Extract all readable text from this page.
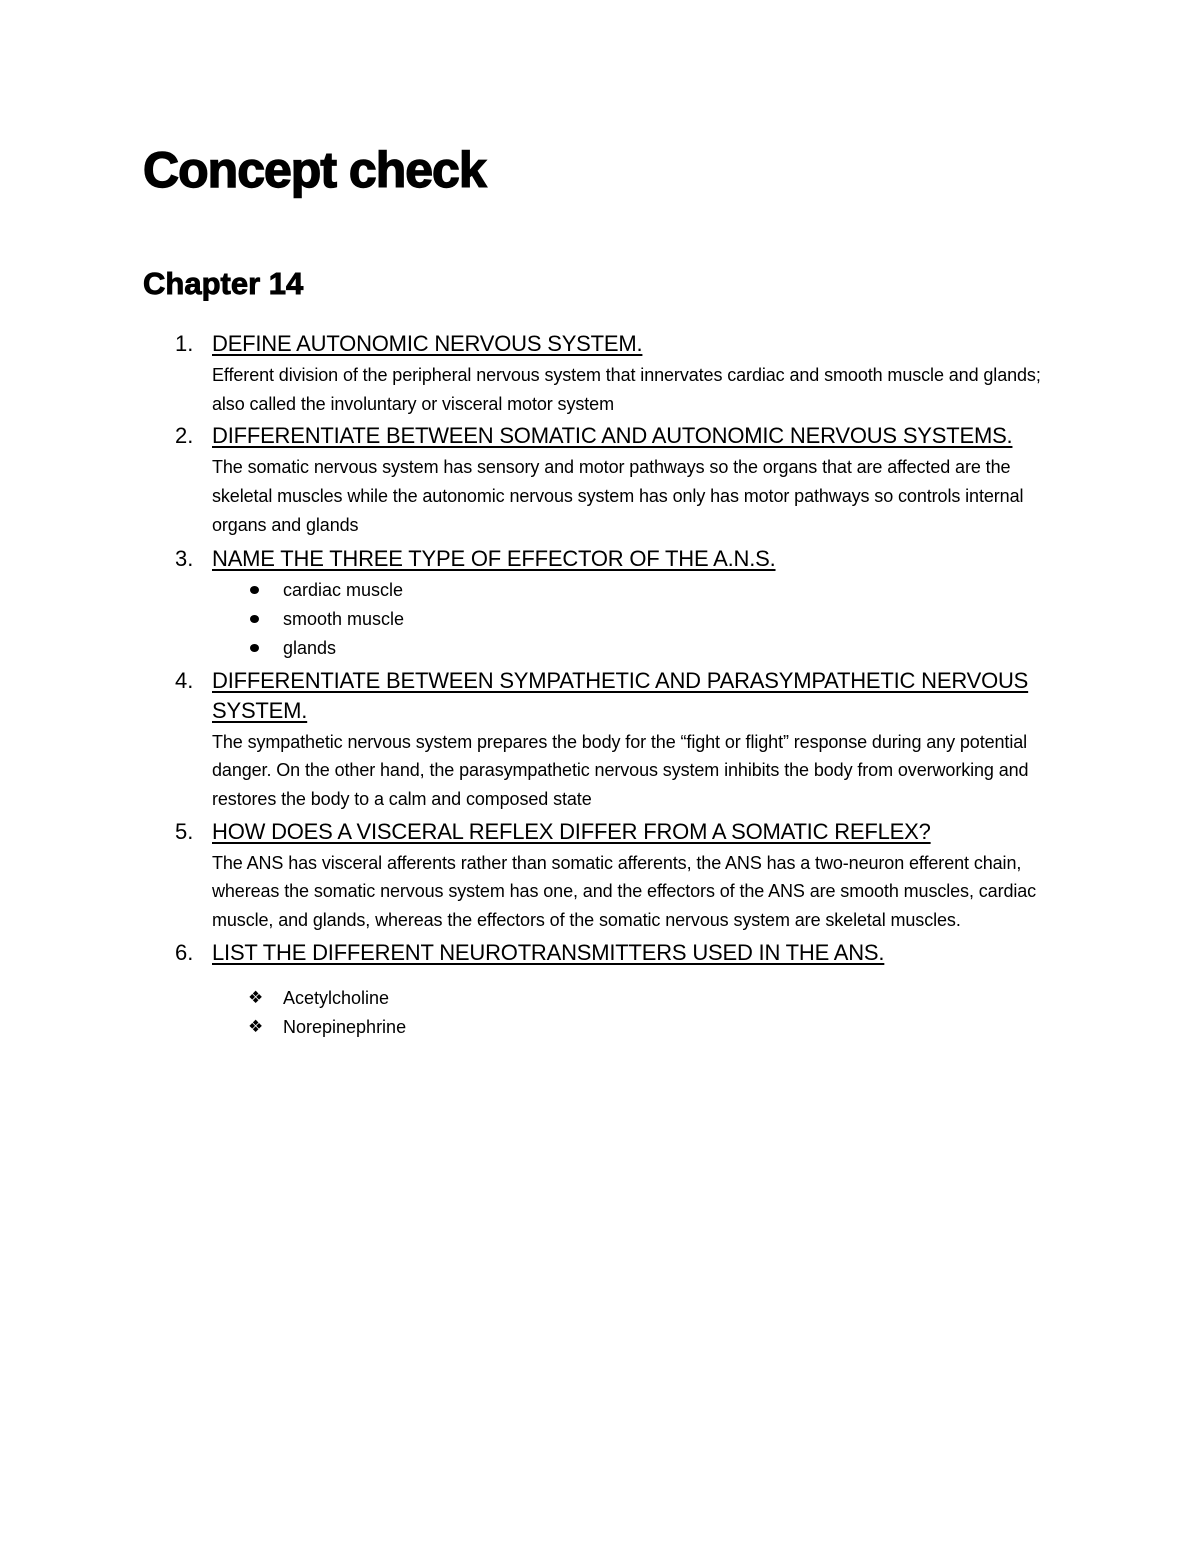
Concept check
Chapter 14
1. DEFINE AUTONOMIC NERVOUS SYSTEM.
Efferent division of the peripheral nervous system that innervates cardiac and smooth muscle and glands; also called the involuntary or visceral motor system
2. DIFFERENTIATE BETWEEN SOMATIC AND AUTONOMIC NERVOUS SYSTEMS.
The somatic nervous system has sensory and motor pathways so the organs that are affected are the skeletal muscles while the autonomic nervous system has only has motor pathways so controls internal organs and glands
3. NAME THE THREE TYPE OF EFFECTOR OF THE A.N.S.
cardiac muscle
smooth muscle
glands
4. DIFFERENTIATE BETWEEN SYMPATHETIC AND PARASYMPATHETIC NERVOUS SYSTEM.
The sympathetic nervous system prepares the body for the “fight or flight” response during any potential danger. On the other hand, the parasympathetic nervous system inhibits the body from overworking and restores the body to a calm and composed state
5. HOW DOES A VISCERAL REFLEX DIFFER FROM A SOMATIC REFLEX?
The ANS has visceral afferents rather than somatic afferents, the ANS has a two-neuron efferent chain, whereas the somatic nervous system has one, and the effectors of the ANS are smooth muscles, cardiac muscle, and glands, whereas the effectors of the somatic nervous system are skeletal muscles.
6. LIST THE DIFFERENT NEUROTRANSMITTERS USED IN THE ANS.
❖ Acetylcholine
❖ Norepinephrine
